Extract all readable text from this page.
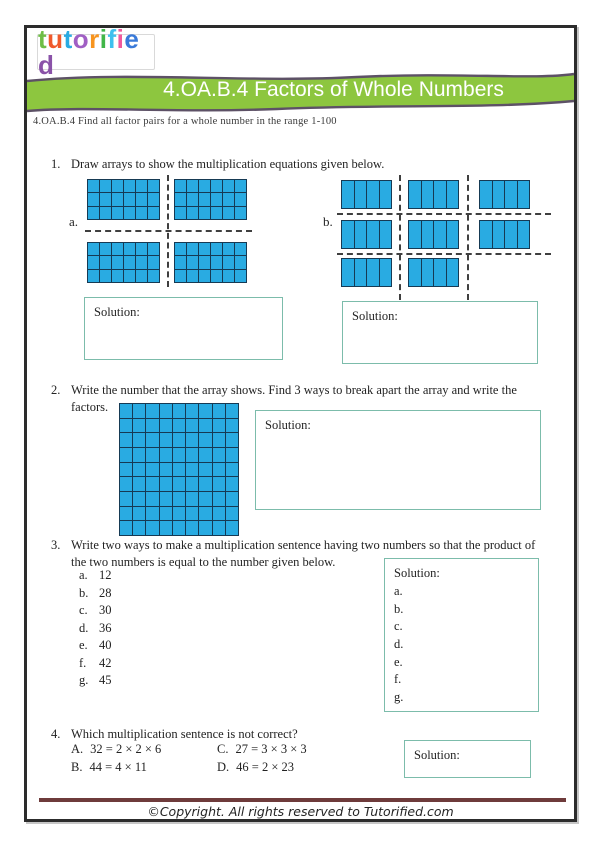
tutorified
4.OA.B.4 Factors of Whole Numbers
4.OA.B.4 Find all factor pairs for a whole number in the range 1-100
1. Draw arrays to show the multiplication equations given below.
a.	b.
Solution:	Solution:
2. Write the number that the array shows. Find 3 ways to break apart the array and write the
factors.
Solution:
3. Write two ways to make a multiplication sentence having two numbers so that the product of
the two numbers is equal to the number given below.
a. 12
b. 28
c. 30
d. 36
e. 40
f. 42
g. 45
Solution:
a.
b.
c.
d.
e.
f.
g.
4. Which multiplication sentence is not correct?
A. 32 = 2 × 2 × 6	C. 27 = 3 × 3 × 3
B. 44 = 4 × 11	D. 46 = 2 × 23
Solution:
©Copyright. All rights reserved to Tutorified.com
